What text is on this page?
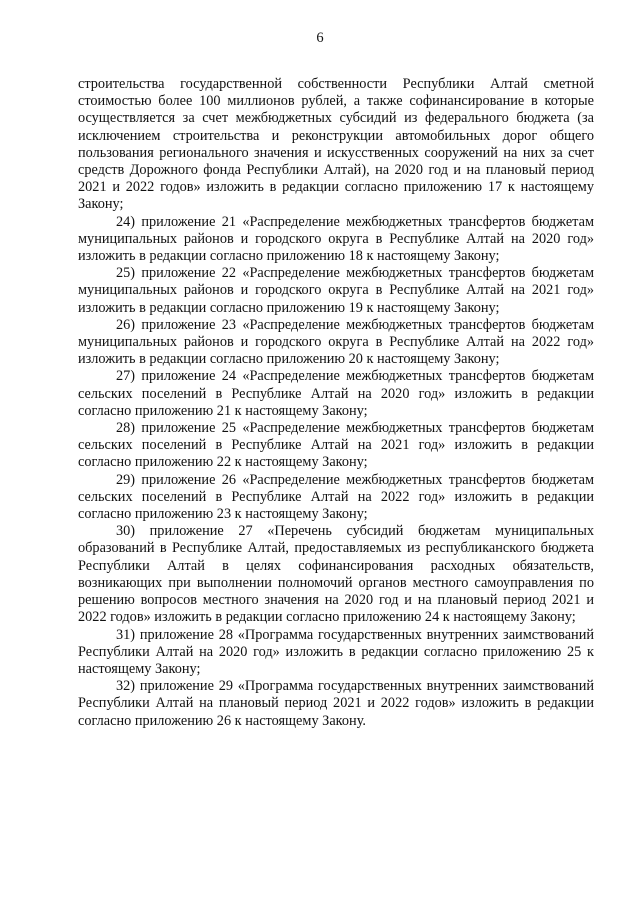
6

строительства государственной собственности Республики Алтай сметной стоимостью более 100 миллионов рублей, а также софинансирование в которые осуществляется за счет межбюджетных субсидий из федерального бюджета (за исключением строительства и реконструкции автомобильных дорог общего пользования регионального значения и искусственных сооружений на них за счет средств Дорожного фонда Республики Алтай), на 2020 год и на плановый период 2021 и 2022 годов» изложить в редакции согласно приложению 17 к настоящему Закону;

24) приложение 21 «Распределение межбюджетных трансфертов бюджетам муниципальных районов и городского округа в Республике Алтай на 2020 год» изложить в редакции согласно приложению 18 к настоящему Закону;

25) приложение 22 «Распределение межбюджетных трансфертов бюджетам муниципальных районов и городского округа в Республике Алтай на 2021 год» изложить в редакции согласно приложению 19 к настоящему Закону;

26) приложение 23 «Распределение межбюджетных трансфертов бюджетам муниципальных районов и городского округа в Республике Алтай на 2022 год» изложить в редакции согласно приложению 20 к настоящему Закону;

27) приложение 24 «Распределение межбюджетных трансфертов бюджетам сельских поселений в Республике Алтай на 2020 год» изложить в редакции согласно приложению 21 к настоящему Закону;

28) приложение 25 «Распределение межбюджетных трансфертов бюджетам сельских поселений в Республике Алтай на 2021 год» изложить в редакции согласно приложению 22 к настоящему Закону;

29) приложение 26 «Распределение межбюджетных трансфертов бюджетам сельских поселений в Республике Алтай на 2022 год» изложить в редакции согласно приложению 23 к настоящему Закону;

30) приложение 27 «Перечень субсидий бюджетам муниципальных образований в Республике Алтай, предоставляемых из республиканского бюджета Республики Алтай в целях софинансирования расходных обязательств, возникающих при выполнении полномочий органов местного самоуправления по решению вопросов местного значения на 2020 год и на плановый период 2021 и 2022 годов» изложить в редакции согласно приложению 24 к настоящему Закону;

31) приложение 28 «Программа государственных внутренних заимствований Республики Алтай на 2020 год» изложить в редакции согласно приложению 25 к настоящему Закону;

32) приложение 29 «Программа государственных внутренних заимствований Республики Алтай на плановый период 2021 и 2022 годов» изложить в редакции согласно приложению 26 к настоящему Закону.
